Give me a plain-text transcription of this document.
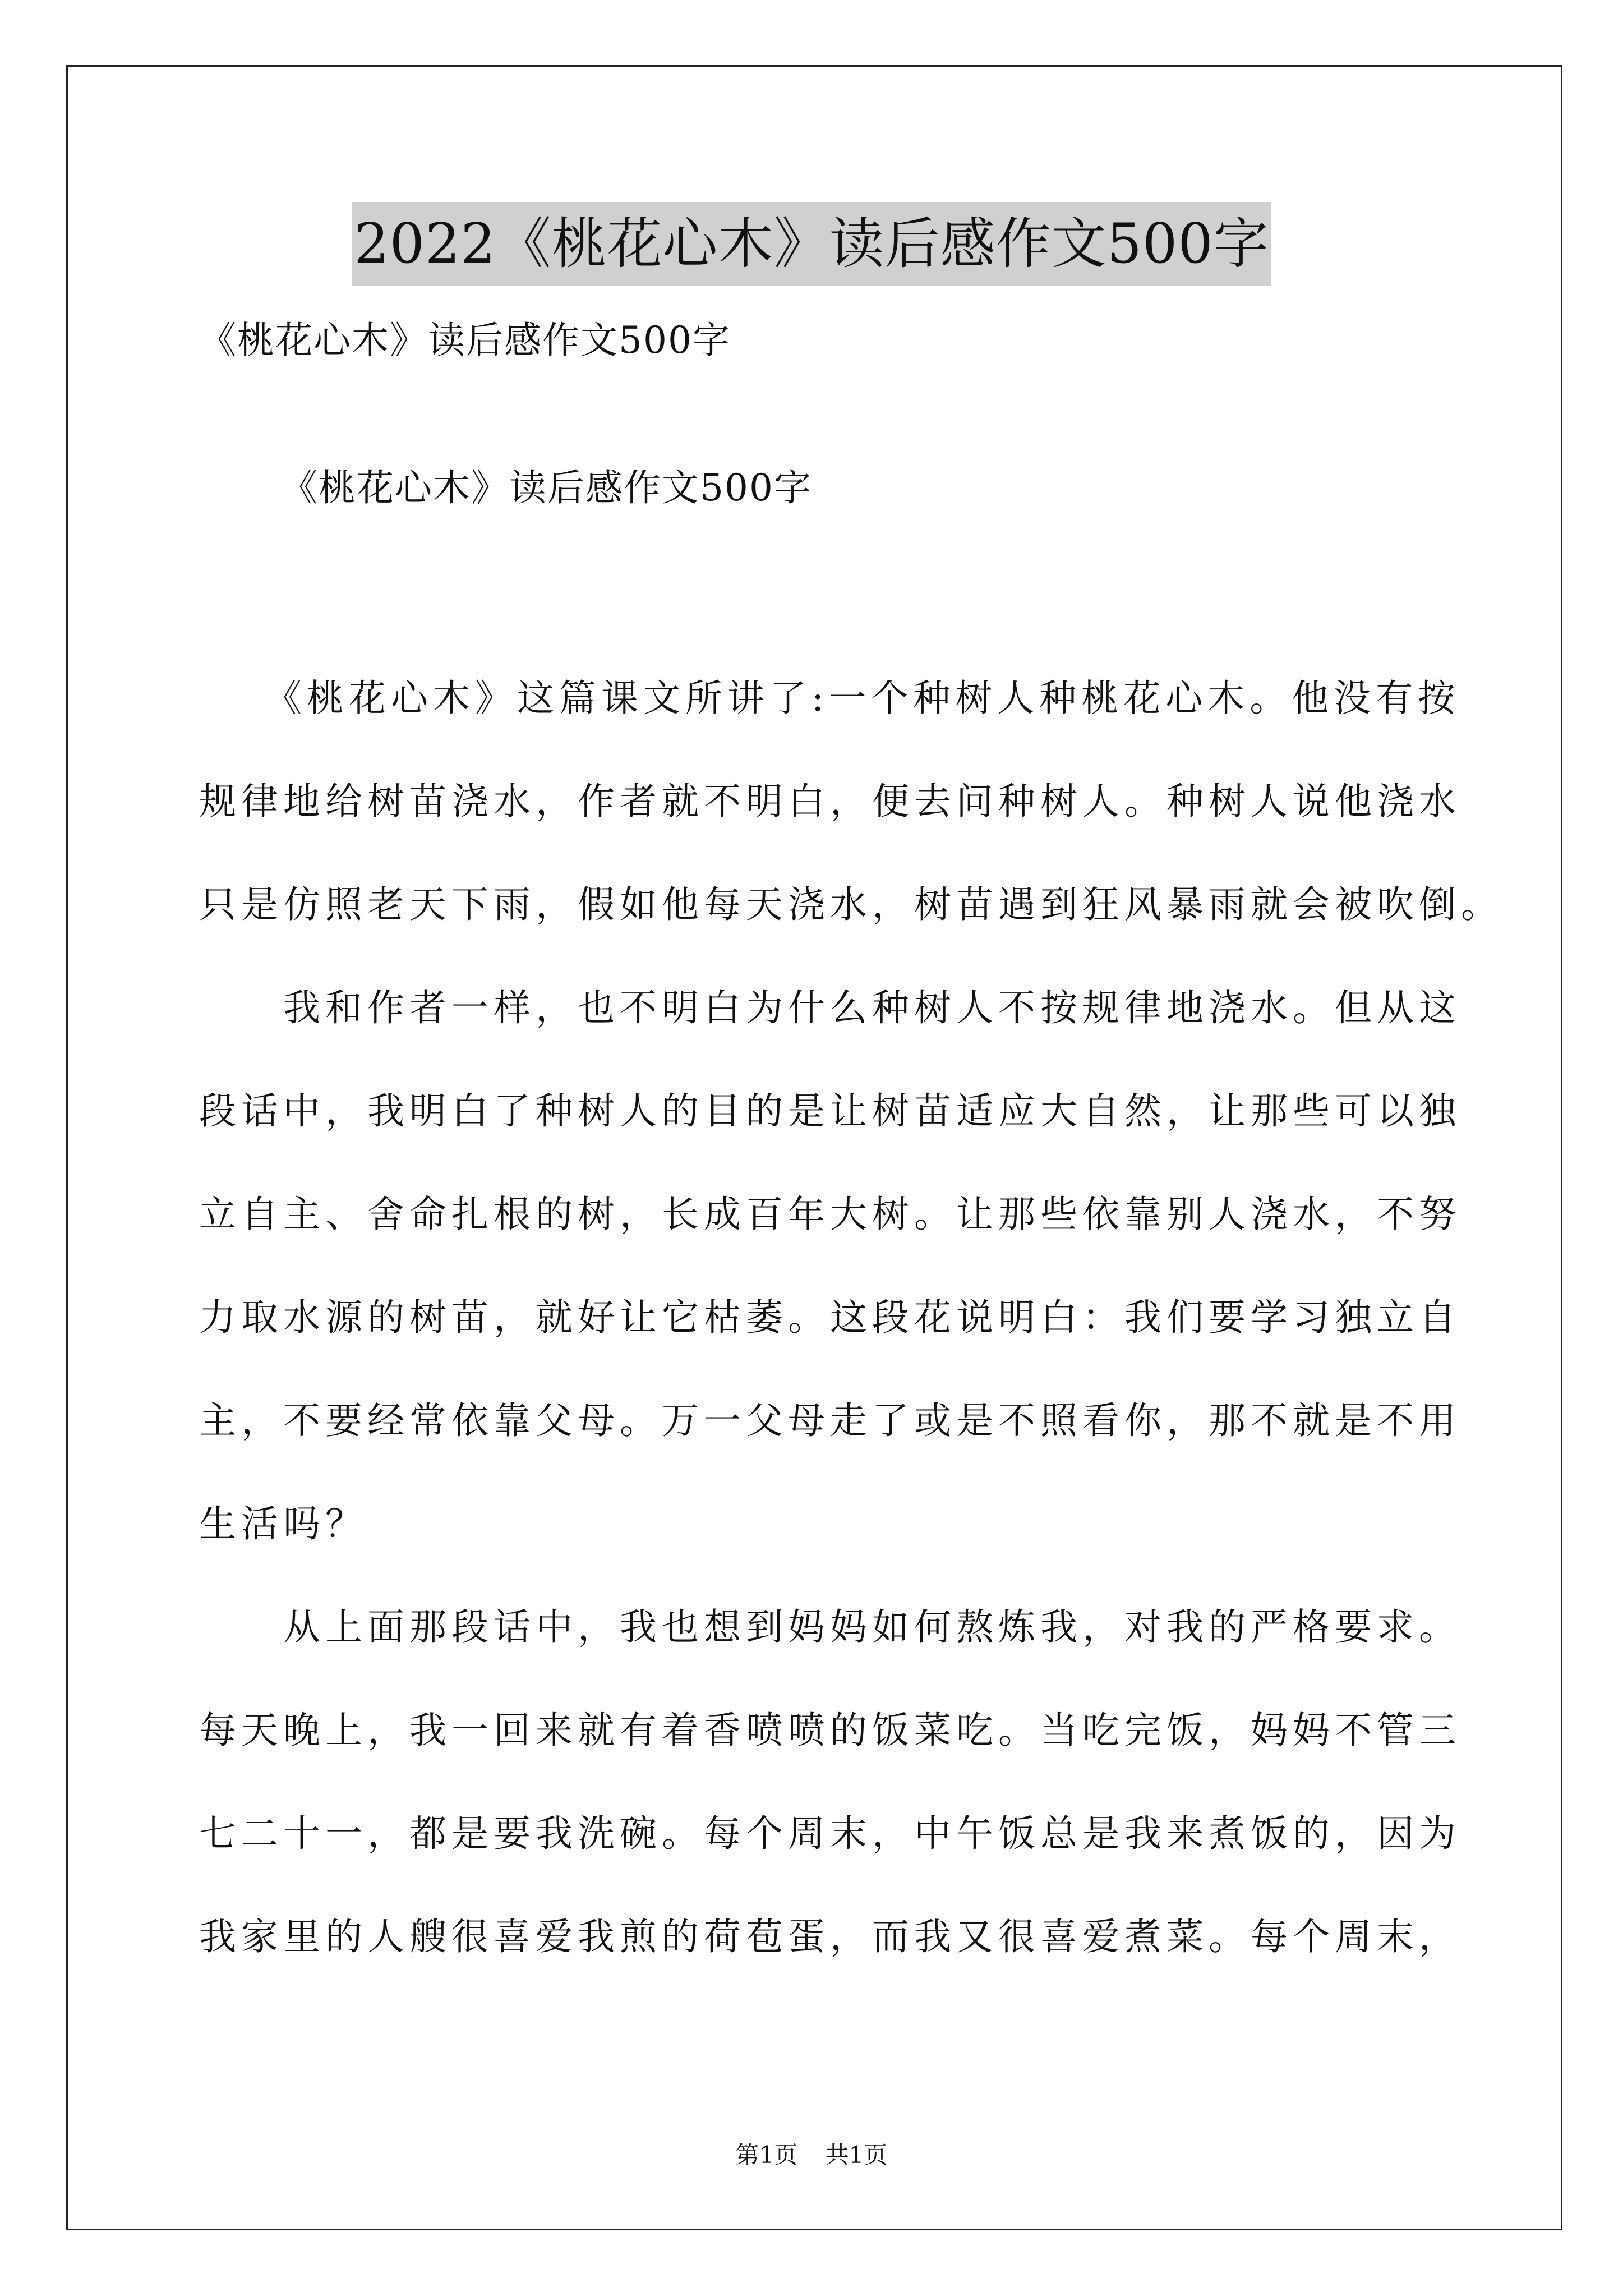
2022《桃花心木》读后感作文500字
《桃花心木》读后感作文500字
《桃花心木》读后感作文500字
　　《桃花心木》这篇课文所讲了:一个种树人种桃花心木。他没有按
规律地给树苗浇水，作者就不明白，便去问种树人。种树人说他浇水
只是仿照老天下雨，假如他每天浇水，树苗遇到狂风暴雨就会被吹倒。
　　我和作者一样，也不明白为什么种树人不按规律地浇水。但从这
段话中，我明白了种树人的目的是让树苗适应大自然，让那些可以独
立自主、舍命扎根的树，长成百年大树。让那些依靠别人浇水，不努
力取水源的树苗，就好让它枯萎。这段花说明白：我们要学习独立自
主，不要经常依靠父母。万一父母走了或是不照看你，那不就是不用
生活吗？
　　从上面那段话中，我也想到妈妈如何熬炼我，对我的严格要求。
每天晚上，我一回来就有着香喷喷的饭菜吃。当吃完饭，妈妈不管三
七二十一，都是要我洗碗。每个周末，中午饭总是我来煮饭的，因为
我家里的人艘很喜爱我煎的荷苞蛋，而我又很喜爱煮菜。每个周末，
第1页 共1页
